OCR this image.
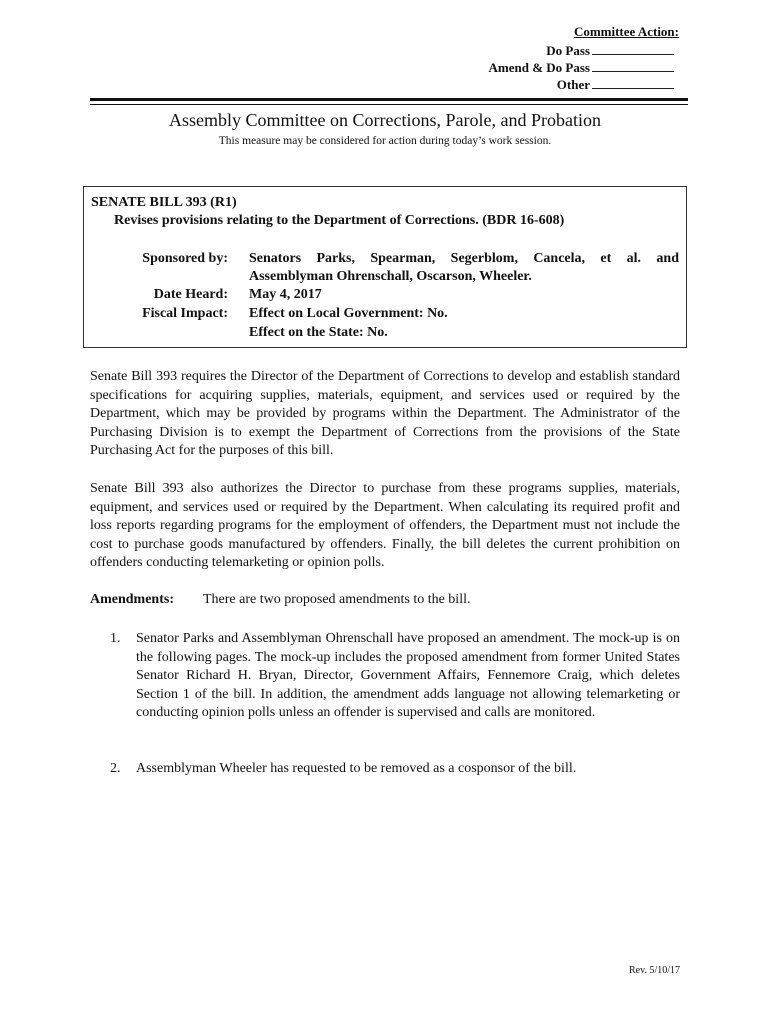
Committee Action:
Do Pass
Amend & Do Pass
Other
Assembly Committee on Corrections, Parole, and Probation
This measure may be considered for action during today’s work session.
SENATE BILL 393 (R1)
Revises provisions relating to the Department of Corrections. (BDR 16-608)
Sponsored by: Senators Parks, Spearman, Segerblom, Cancela, et al. and
Assemblyman Ohrenschall, Oscarson, Wheeler.
Date Heard: May 4, 2017
Fiscal Impact: Effect on Local Government: No.
Effect on the State: No.
Senate Bill 393 requires the Director of the Department of Corrections to develop and establish standard specifications for acquiring supplies, materials, equipment, and services used or required by the Department, which may be provided by programs within the Department. The Administrator of the Purchasing Division is to exempt the Department of Corrections from the provisions of the State Purchasing Act for the purposes of this bill.
Senate Bill 393 also authorizes the Director to purchase from these programs supplies, materials, equipment, and services used or required by the Department. When calculating its required profit and loss reports regarding programs for the employment of offenders, the Department must not include the cost to purchase goods manufactured by offenders. Finally, the bill deletes the current prohibition on offenders conducting telemarketing or opinion polls.
Amendments: There are two proposed amendments to the bill.
1. Senator Parks and Assemblyman Ohrenschall have proposed an amendment. The mock-up is on the following pages. The mock-up includes the proposed amendment from former United States Senator Richard H. Bryan, Director, Government Affairs, Fennemore Craig, which deletes Section 1 of the bill. In addition, the amendment adds language not allowing telemarketing or conducting opinion polls unless an offender is supervised and calls are monitored.
2. Assemblyman Wheeler has requested to be removed as a cosponsor of the bill.
Rev. 5/10/17
